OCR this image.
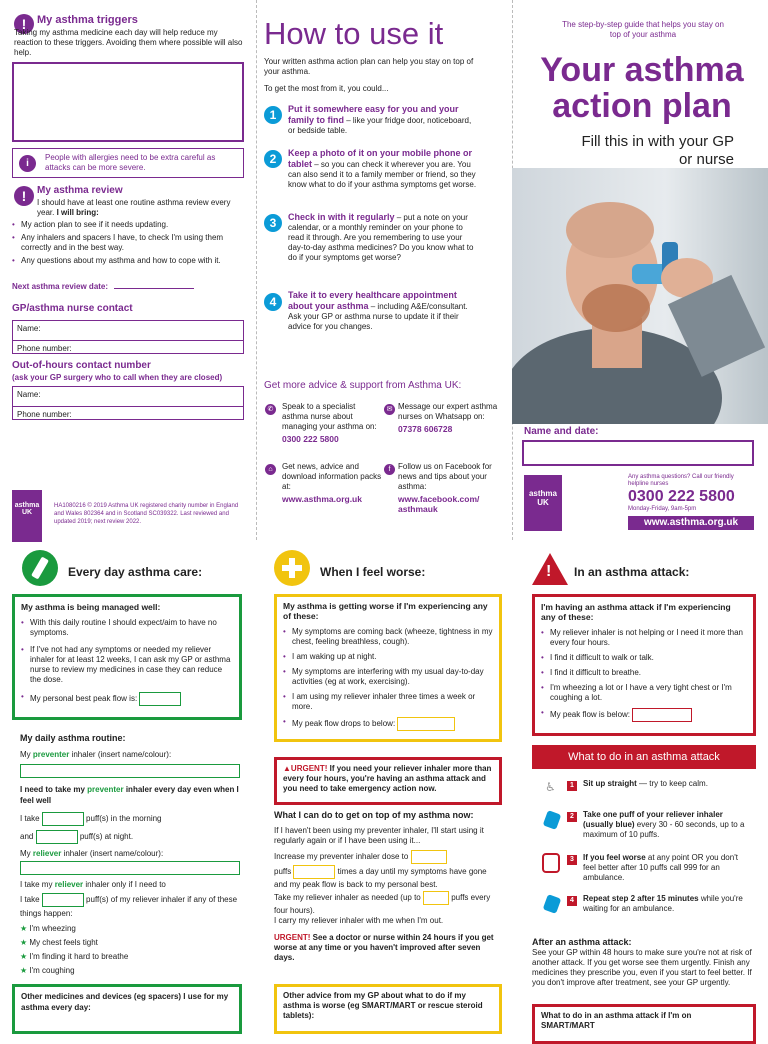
! My asthma triggers
Taking my asthma medicine each day will help reduce my reaction to these triggers. Avoiding them where possible will also help.
i
People with allergies need to be extra careful as attacks can be more severe.
!	My asthma review
I should have at least one routine asthma review every year. I will bring:
• My action plan to see if it needs updating.
• Any inhalers and spacers I have, to check I'm using them correctly and in the best way.
• Any questions about my asthma and how to cope with it.
Next asthma review date:
GP/asthma nurse contact
Name:
Phone number:
Out-of-hours contact number
(ask your GP surgery who to call when they are closed)
Name:
Phone number:
asthma
UK
HA1080216 © 2019 Asthma UK registered charity number in England and Wales 802364 and in Scotland SC039322. Last reviewed and updated 2019; next review 2022.
How to use it
Your written asthma action plan can help you stay on top of your asthma.
To get the most from it, you could...
1	Put it somewhere easy for you and your family to find – like your fridge door, noticeboard, or bedside table.
2	Keep a photo of it on your mobile phone or tablet – so you can check it wherever you are. You can also send it to a family member or friend, so they know what to do if your asthma symptoms get worse.
3	Check in with it regularly – put a note on your calendar, or a monthly reminder on your phone to read it through. Are you remembering to use your day-to-day asthma medicines? Do you know what to do if your symptoms get worse?
4	Take it to every healthcare appointment about your asthma – including A&E/consultant. Ask your GP or asthma nurse to update it if their advice for you changes.
Get more advice & support from Asthma UK:
✆	Speak to a specialist asthma nurse about managing your asthma on:
0300 222 5800
✉ Message our expert asthma nurses on Whatsapp on:
07378 606728
⌂	Get news, advice and download information packs at:
www.asthma.org.uk
f Follow us on Facebook for news and tips about your asthma:
www.facebook.com/ asthmauk
The step-by-step guide that helps you stay on top of your asthma
Your asthma action plan
Fill this in with your GP or nurse
Name and date:
asthma
UK
Any asthma questions? Call our friendly helpline nurses
0300 222 5800
Monday-Friday, 9am-5pm
www.asthma.org.uk
Every day asthma care:
My asthma is being managed well:
• With this daily routine I should expect/aim to have no symptoms.
• If I've not had any symptoms or needed my reliever inhaler for at least 12 weeks, I can ask my GP or asthma nurse to review my medicines in case they can reduce the dose.
• My personal best peak flow is:
My daily asthma routine:
My preventer inhaler (insert name/colour):
I need to take my preventer inhaler every day even when I feel well
I take	puff(s) in the morning
and	puff(s) at night.
My reliever inhaler (insert name/colour):
I take my reliever inhaler only if I need to
I take	puff(s) of my reliever inhaler if any of these things happen:
★ I'm wheezing
★ My chest feels tight
★ I'm finding it hard to breathe
★ I'm coughing
Other medicines and devices (eg spacers) I use for my asthma every day:
When I feel worse:
My asthma is getting worse if I'm experiencing any of these:
• My symptoms are coming back (wheeze, tightness in my chest, feeling breathless, cough).
• I am waking up at night.
• My symptoms are interfering with my usual day-to-day activities (eg at work, exercising).
• I am using my reliever inhaler three times a week or more.
• My peak flow drops to below:
▲URGENT! If you need your reliever inhaler more than every four hours, you're having an asthma attack and you need to take emergency action now.
What I can do to get on top of my asthma now:
If I haven't been using my preventer inhaler, I'll start using it regularly again or if I have been using it...
Increase my preventer inhaler dose to
puffs	times a day until my symptoms have gone and my peak flow is back to my personal best.
Take my reliever inhaler as needed (up to	puffs every four hours).
I carry my reliever inhaler with me when I'm out.
URGENT! See a doctor or nurse within 24 hours if you get worse at any time or you haven't improved after seven days.
Other advice from my GP about what to do if my asthma is worse (eg SMART/MART or rescue steroid tablets):
! In an asthma attack:
I'm having an asthma attack if I'm experiencing any of these:
• My reliever inhaler is not helping or I need it more than every four hours.
• I find it difficult to walk or talk.
• I find it difficult to breathe.
• I'm wheezing a lot or I have a very tight chest or I'm coughing a lot.
• My peak flow is below:
What to do in an asthma attack
♿	1	Sit up straight — try to keep calm.
2	Take one puff of your reliever inhaler (usually blue) every 30 - 60 seconds, up to a maximum of 10 puffs.
3	If you feel worse at any point OR you don't feel better after 10 puffs call 999 for an ambulance.
4	Repeat step 2 after 15 minutes while you're waiting for an ambulance.
After an asthma attack:
See your GP within 48 hours to make sure you're not at risk of another attack. If you get worse see them urgently. Finish any medicines they prescribe you, even if you start to feel better. If you don't improve after treatment, see your GP urgently.
What to do in an asthma attack if I'm on SMART/MART
